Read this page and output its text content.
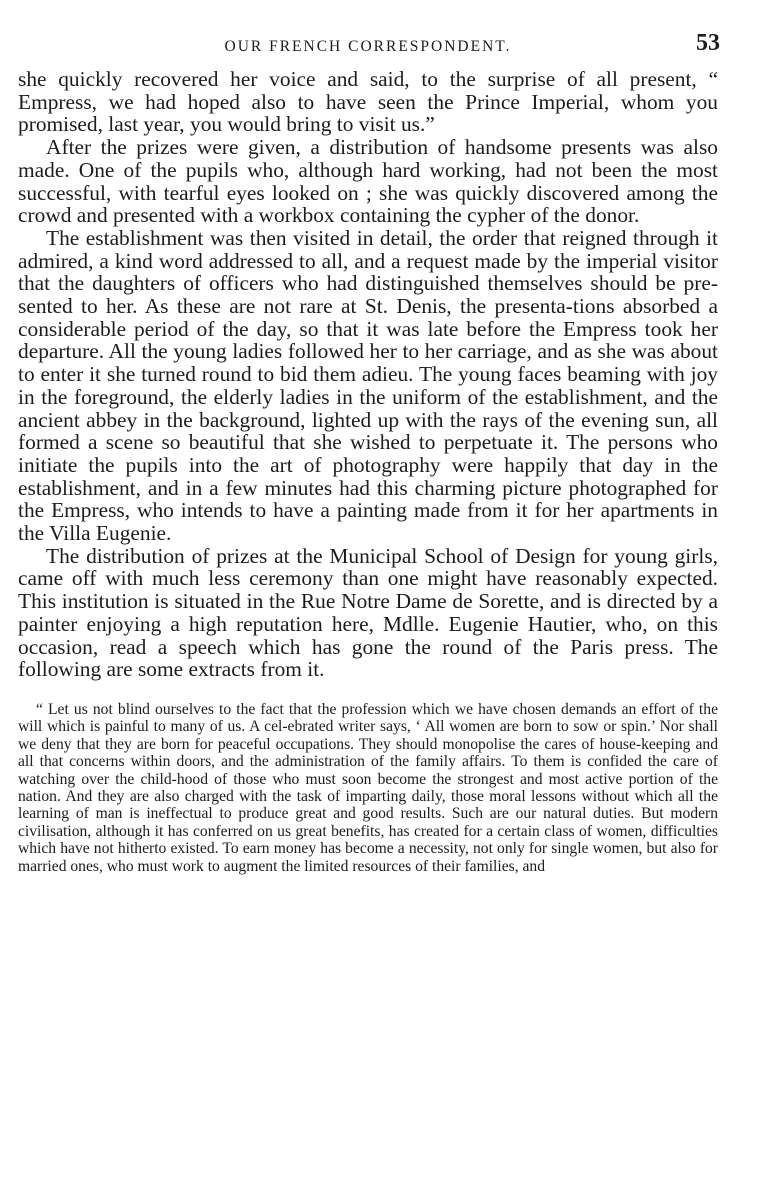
OUR FRENCH CORRESPONDENT.	53

she quickly recovered her voice and said, to the surprise of all present, “ Empress, we had hoped also to have seen the Prince Imperial, whom you promised, last year, you would bring to visit us.”

After the prizes were given, a distribution of handsome presents was also made. One of the pupils who, although hard working, had not been the most successful, with tearful eyes looked on ; she was quickly discovered among the crowd and presented with a workbox containing the cypher of the donor.

The establishment was then visited in detail, the order that reigned through it admired, a kind word addressed to all, and a request made by the imperial visitor that the daughters of officers who had distinguished themselves should be pre-sented to her. As these are not rare at St. Denis, the presenta-tions absorbed a considerable period of the day, so that it was late before the Empress took her departure. All the young ladies followed her to her carriage, and as she was about to enter it she turned round to bid them adieu. The young faces beaming with joy in the foreground, the elderly ladies in the uniform of the establishment, and the ancient abbey in the background, lighted up with the rays of the evening sun, all formed a scene so beautiful that she wished to perpetuate it. The persons who initiate the pupils into the art of photography were happily that day in the establishment, and in a few minutes had this charming picture photographed for the Empress, who intends to have a painting made from it for her apartments in the Villa Eugenie.

The distribution of prizes at the Municipal School of Design for young girls, came off with much less ceremony than one might have reasonably expected. This institution is situated in the Rue Notre Dame de Sorette, and is directed by a painter enjoying a high reputation here, Mdlle. Eugenie Hautier, who, on this occasion, read a speech which has gone the round of the Paris press. The following are some extracts from it.

“ Let us not blind ourselves to the fact that the profession which we have chosen demands an effort of the will which is painful to many of us. A cel-ebrated writer says, ‘ All women are born to sow or spin.’ Nor shall we deny that they are born for peaceful occupations. They should monopolise the cares of house-keeping and all that concerns within doors, and the administration of the family affairs. To them is confided the care of watching over the child-hood of those who must soon become the strongest and most active portion of the nation. And they are also charged with the task of imparting daily, those moral lessons without which all the learning of man is ineffectual to produce great and good results. Such are our natural duties. But modern civilisation, although it has conferred on us great benefits, has created for a certain class of women, difficulties which have not hitherto existed. To earn money has become a necessity, not only for single women, but also for married ones, who must work to augment the limited resources of their families, and
